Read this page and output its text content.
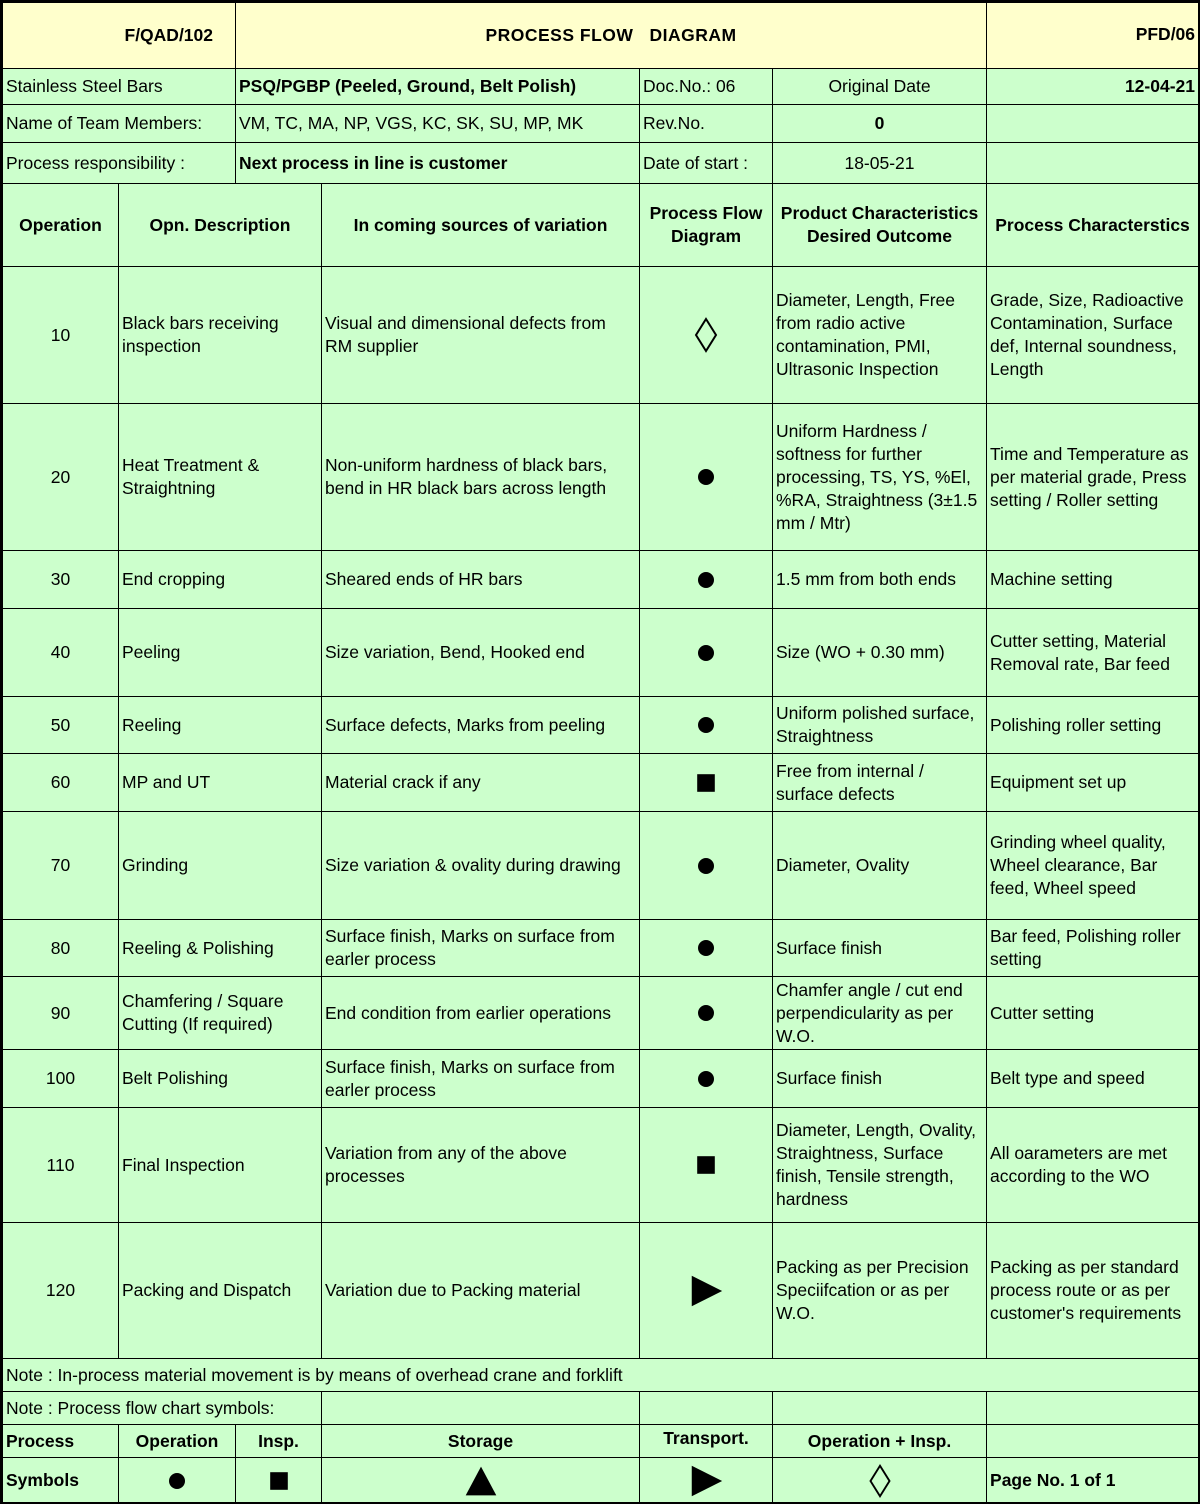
F/QAD/102		PROCESS FLOW   DIAGRAM				PFD/06
Stainless Steel Bars		PSQ/PGBP (Peeled, Ground, Belt Polish)		Doc.No.: 06	Original Date	12-04-21
Name of Team Members:		VM, TC, MA, NP, VGS, KC, SK, SU, MP, MK		Rev.No.	0	
Process responsibility :		Next process in line is customer		Date of start :	18-05-21	
Operation	Opn. Description		In coming sources of variation	Process Flow Diagram	Product Characteristics Desired Outcome	Process Characterstics
10	Black bars receiving inspection		Visual and dimensional defects from RM supplier		Diameter, Length, Free from radio active contamination, PMI, Ultrasonic Inspection	Grade, Size, Radioactive Contamination, Surface def, Internal soundness, Length
20	Heat Treatment & Straightning		Non-uniform hardness of black bars, bend in HR black bars across length		Uniform Hardness / softness for further processing, TS, YS, %El, %RA, Straightness (3±1.5 mm / Mtr)	Time and Temperature as per material grade, Press setting / Roller setting
30	End cropping		Sheared ends of HR bars		1.5 mm from both ends	Machine setting
40	Peeling		Size variation, Bend, Hooked end		Size (WO + 0.30 mm)	Cutter setting, Material Removal rate, Bar feed
50	Reeling		Surface defects, Marks from peeling		Uniform polished surface, Straightness	Polishing roller setting
60	MP and UT		Material crack if any		Free from internal / surface defects	Equipment set up
70	Grinding		Size variation & ovality during drawing		Diameter, Ovality	Grinding wheel quality, Wheel clearance, Bar feed, Wheel speed
80	Reeling & Polishing		Surface finish, Marks on surface from earler process		Surface finish	Bar feed, Polishing roller setting
90	Chamfering / Square Cutting (If required)		End condition from earlier operations		Chamfer angle / cut end perpendicularity as per W.O.	Cutter setting
100	Belt Polishing		Surface finish, Marks on surface from earler process		Surface finish	Belt type and speed
110	Final Inspection		Variation from any of the above processes		Diameter, Length, Ovality, Straightness, Surface finish, Tensile strength, hardness	All oarameters are met according to the WO
120	Packing and Dispatch		Variation due to Packing material		Packing as per Precision Speciifcation or as per W.O.	Packing as per standard process route or as per customer's requirements
Note : In-process material movement is by means of overhead crane and forklift						
Note : Process flow chart symbols:						
Process	Operation	Insp.	Storage	Transport.	Operation + Insp.	
Symbols						Page No. 1 of 1
